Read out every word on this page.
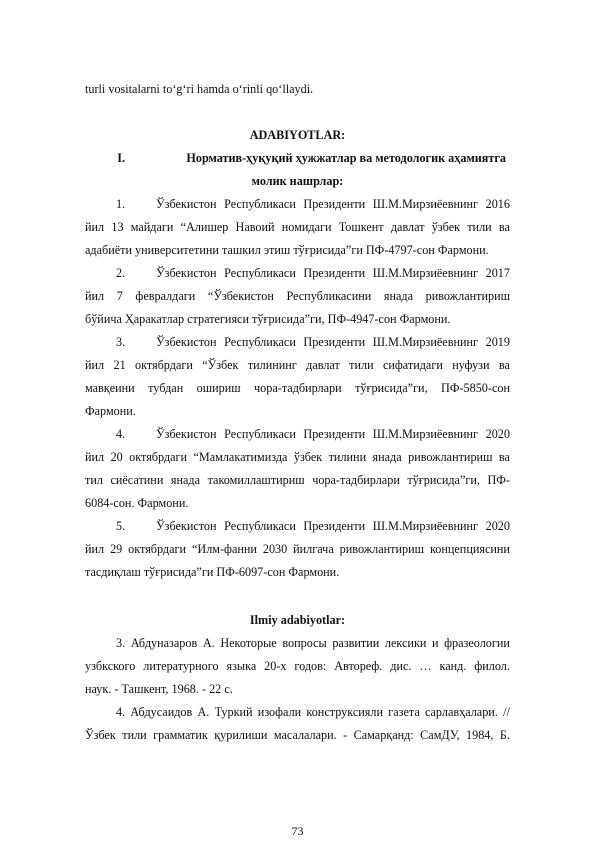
turli vositalarni to‘g‘ri hamda o‘rinli qo‘llaydi.
ADABIYOTLAR:
I.	Норматив-ҳуқуқий ҳужжатлар ва методологик аҳамиятга
молик нашрлар:
1.	Ўзбекистон Республикаси Президенти Ш.М.Мирзиёевнинг 2016
йил 13 майдаги “Алишер Навоий номидаги Тошкент давлат ўзбек тили ва
адабиёти университетини ташкил этиш тўғрисида”ги ПФ-4797-сон Фармони.
2.	Ўзбекистон Республикаси Президенти Ш.М.Мирзиёевнинг 2017
йил 7 февралдаги “Ўзбекистон Республикасини янада ривожлантириш
бўйича Ҳаракатлар стратегияси тўғрисида”ги, ПФ-4947-сон Фармони.
3.	Ўзбекистон Республикаси Президенти Ш.М.Мирзиёевнинг 2019
йил 21 октябрдаги “Ўзбек тилининг давлат тили сифатидаги нуфузи ва
мавқеини тубдан ошириш чора-тадбирлари тўғрисида”ги, ПФ-5850-сон
Фармони.
4.	Ўзбекистон Республикаси Президенти Ш.М.Мирзиёевнинг 2020
йил 20 октябрдаги “Мамлакатимизда ўзбек тилини янада ривожлантириш ва
тил сиёсатини янада такомиллаштириш чора-тадбирлари тўғрисида”ги, ПФ-
6084-сон. Фармони.
5.	Ўзбекистон Республикаси Президенти Ш.М.Мирзиёевнинг 2020
йил 29 октябрдаги “Илм-фанни 2030 йилгача ривожлантириш концепциясини
тасдиқлаш тўғрисида”ги ПФ-6097-сон Фармони.
Ilmiy adabiyotlar:
3. Абдуназаров А. Некоторые вопросы развитии лексики и фразеологии
узбкского литературного языка 20-х годов: Автореф. дис. … канд. филол.
наук. - Ташкент, 1968. - 22 с.
4. Абдусаидов А. Туркий изофали конструксияли газета сарлавҳалари. //
Ўзбек тили грамматик қурилиши масалалари. - Самарқанд: СамДУ, 1984, Б.
73
